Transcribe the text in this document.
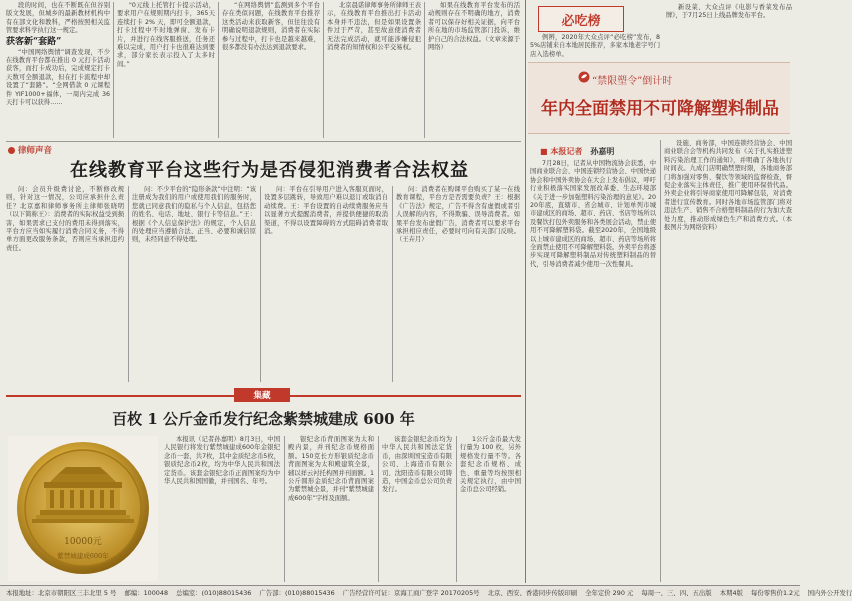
段的时间，也在不断既在但谷别版文发展，但城乡的最新教材机构中有在部文化和教科，严格按照相关监管要求科学执行这一规定。

获客新“套路”

“中国网络舆情”调查发现，不少在线教育平台都在推出 0 元打卡活动获客，而打卡成功后，完成规定打卡天数可全额退款，但在打卡流程中却设置了“套路”。“全网借款 0 元课程件 YIF1000+福体，一周内完成 36 天打卡可以获得……

"0元线上托管打卡提示活动，要求用户在规则期内打卡，365天连续打卡 2% 天，即可全额退款，打卡过程中不时地弹窗、发布卡片，并进行在线客服推送，任务还难以完成，用户打卡也很难达到要求，部分家长表示投入了太多时间。”

“在网络舆情”监测到多个平台存在类似问题，在线教育平台推荐这类活动来获取新客，但往往没有明确说明退款规则，消费者在实际参与过程中，打卡也是越来越难，很多都没有办法达到退款要求。

北京晨诺律师事务所律师王表示，在线教育平台推出打卡活动本身并不违法，但是如果设置条件过于严苛，甚至故意使消费者无法完成活动，就可能涉嫌侵犯消费者的知情权和公平交易权。

如果在线教育平台发布的活动规则存在不明确的地方，消费者可以保存好相关证据，向平台所在地的市场监管部门投诉，维护自己的合法权益。（文章来源于网络）

律师声音
在线教育平台这些行为是否侵犯消费者合法权益

问：会员升级费讨论，不断修改规则，针对这一情况，公司应承担什么责任？北京嘉和律师事务所主律师张晓明（以下简称王）：消费者的实际权益受到损害，如果需求已支付的费用未得到落实，平台方应当如实履行消费合同义务，不得单方面更改服务条款，否则应当承担违约责任。

问：不少平台的“隐形条款”中注明：“该注册成为我们的用户或使用我们的服务时，您就已同意我们的隐私与个人信息，包括您的姓名、电话、地址、银行卡等信息。”王：根据《个人信息保护法》的规定，个人信息的处理应当遵循合法、正当、必要和诚信原则，未经同意不得处理。

问：平台在引导用户进入客服页面时，设置多层跳转，导致用户难以退订或取消自动续费。王：平台设置的自动续费服务应当以显著方式提醒消费者，并提供便捷的取消渠道，不得以设置障碍的方式阻碍消费者取消。

问：消费者在购课平台购买了某一在线教育课程，平台方是否需要负责？王：根据《广告法》规定，广告不得含有虚假或者引人误解的内容，不得欺骗、误导消费者。如果平台发布虚假广告，消费者可以要求平台承担相应责任，必要时可向有关部门反映。（王卉月）

集藏
百枚 1 公斤金币发行纪念紫禁城建成 600 年
10000元
紫禁城建成600年

本报讯（记者孙嘉明）8月3日，中国人民银行将发行紫禁城建成600年金银纪念币一套，共7枚，其中金质纪念币5枚，银质纪念币2枚，均为中华人民共和国法定货币。该套金银纪念币正面图案均为中华人民共和国国徽，并刊国名、年号。

银纪念币背面图案为太和殿内景，并刊纪念币规格面额。150克长方形银质纪念币背面图案为太和殿建筑全景，辅以祥云衬托构图并刊面额。1公斤圆形金质纪念币背面图案为紫禁城全景，并刊“紫禁城建成600年”字样及面额。

该套金银纪念币均为中华人民共和国法定货币，由深圳国宝造币有限公司、上海造币有限公司、沈阳造币有限公司铸造，中国金币总公司负责发行。

1公斤金币最大发行量为 100 枚，另外规格发行量不等。各套纪念币规格、成色、重量等均按照相关规定执行，由中国金币总公司经销。

必吃榜

例辨，2020年大众点评“必吃榜”发布，85%店铺来自本地居民推荐，多家本地老字号门店入选榜单。

新设菜、大众点评《电影与香菜发布品牌》，于7月25日上线品牌发布平台。

“禁限塑令”倒计时
年内全面禁用不可降解塑料制品
■ 本报记者 孙嘉明

7月28日，记者从中国物流协会获悉，中国商业联合会、中国连锁经营协会、中国快递协会和中国外卖协会在大会上发布倡议，呼吁行业积极落实国家发展改革委、生态环境部《关于进一步加强塑料污染治理的意见》。2020年底，直辖市、省会城市、计划单列市城市建成区的商场、超市、药店、书店等场所以及餐饮打包外卖服务和各类展会活动，禁止使用不可降解塑料袋。截至2020年，全国地级以上城市建成区的商场、超市、药店等场所将全面禁止使用不可降解塑料袋。外卖平台将逐步实现可降解塑料制品对传统塑料制品的替代，引导消费者减少使用一次性餐具。

设施、商务部，中国连锁经营协会、中国商业联合会等机构共同发布《关于扎实推进塑料污染治理工作的通知》，并明确了各地执行时间表。九成门店明确禁塑时限，各地商务部门将加强对零售、餐饮等领域的监督检查，督促企业落实主体责任，推广使用环保替代品。外卖企业将引导商家使用可降解包装，对消费者进行宣传教育。同时各地市场监管部门将对违法生产、销售不合格塑料制品的行为加大查处力度，推动形成绿色生产和消费方式。（本报图片为网络资料）

本报地址：北京市朝阳区三丰北里 5 号 邮编：100048 总编室：(010)88015436 广告部：(010)88015436 广告经营许可证：京海工商广登字 20170205号 北京、西安、香港同步传版印刷 全年定价 290 元 每周一、三、四、五出版 本期4版 每份零售价1.2元 国内外公开发行
